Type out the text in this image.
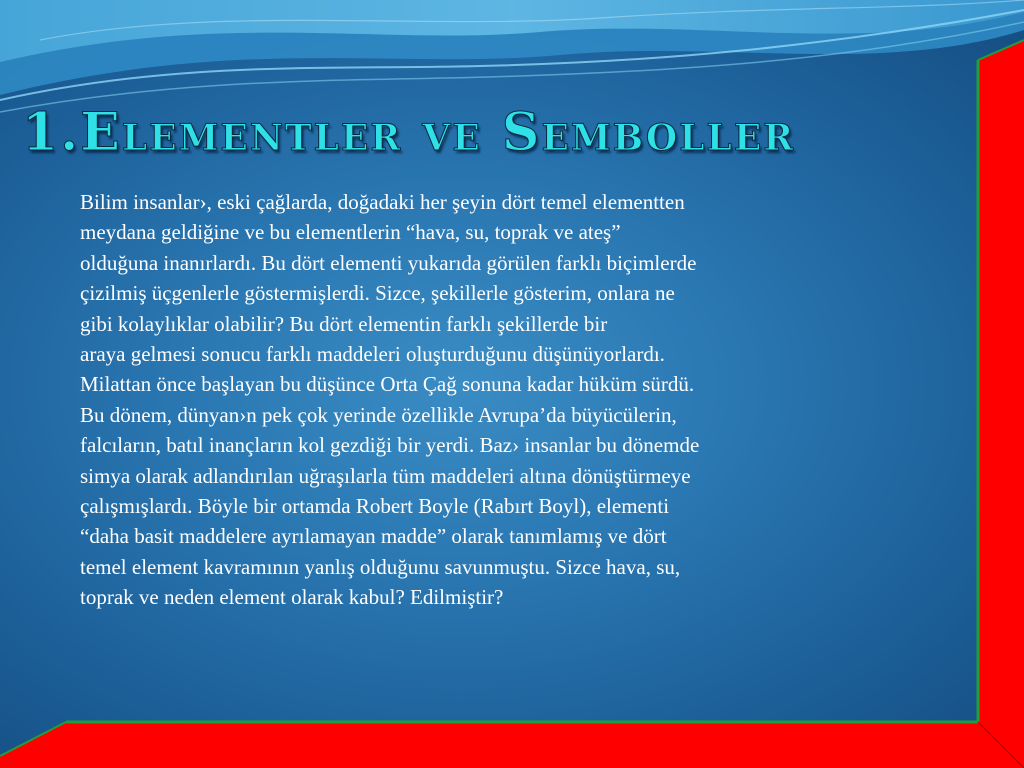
1.Elementler ve Semboller
Bilim insanlar›, eski çağlarda, doğadaki her şeyin dört temel elementten
meydana geldiğine ve bu elementlerin “hava, su, toprak ve ateş”
olduğuna inanırlardı. Bu dört elementi yukarıda görülen farklı biçimlerde
çizilmiş üçgenlerle göstermişlerdi. Sizce, şekillerle gösterim, onlara ne
gibi kolaylıklar olabilir? Bu dört elementin farklı şekillerde bir
araya gelmesi sonucu farklı maddeleri oluşturduğunu düşünüyorlardı.
Milattan önce başlayan bu düşünce Orta Çağ sonuna kadar hüküm sürdü.
Bu dönem, dünyan›n pek çok yerinde özellikle Avrupa’da büyücülerin,
falcıların, batıl inançların kol gezdiği bir yerdi. Baz› insanlar bu dönemde
simya olarak adlandırılan uğraşılarla tüm maddeleri altına dönüştürmeye
çalışmışlardı. Böyle bir ortamda Robert Boyle (Rabırt Boyl), elementi
“daha basit maddelere ayrılamayan madde” olarak tanımlamış ve dört
temel element kavramının yanlış olduğunu savunmuştu. Sizce hava, su,
toprak ve neden element olarak kabul? Edilmiştir?
